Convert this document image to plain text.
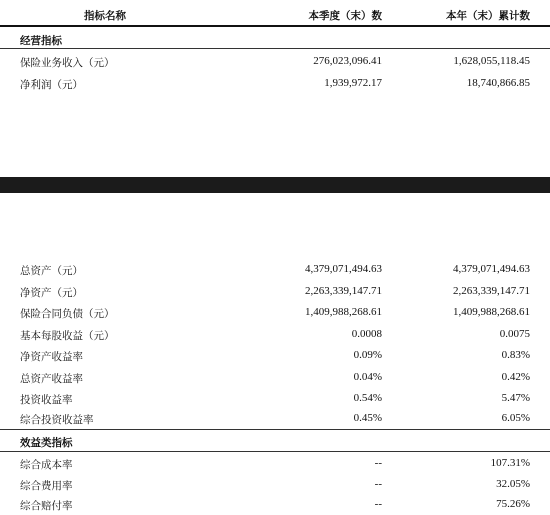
指标名称	本季度（末）数	本年（末）累计数
经营指标
保险业务收入（元）	276,023,096.41	1,628,055,118.45
净利润（元）	1,939,972.17	18,740,866.85
总资产（元）	4,379,071,494.63	4,379,071,494.63
净资产（元）	2,263,339,147.71	2,263,339,147.71
保险合同负债（元）	1,409,988,268.61	1,409,988,268.61
基本每股收益（元）	0.0008	0.0075
净资产收益率	0.09%	0.83%
总资产收益率	0.04%	0.42%
投资收益率	0.54%	5.47%
综合投资收益率	0.45%	6.05%
效益类指标
综合成本率	--	107.31%
综合费用率	--	32.05%
综合赔付率	--	75.26%
